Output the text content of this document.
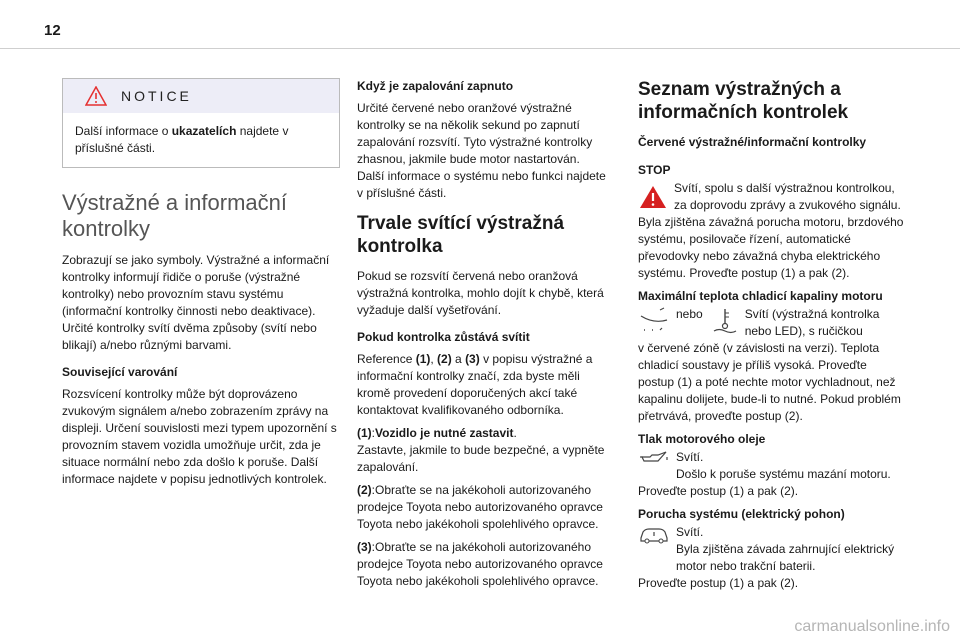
12
NOTICE
Další informace o ukazatelích najdete v příslušné části.
Výstražné a informační kontrolky

Zobrazují se jako symboly. Výstražné a informační kontrolky informují řidiče o poruše (výstražné kontrolky) nebo provozním stavu systému (informační kontrolky činnosti nebo deaktivace). Určité kontrolky svítí dvěma způsoby (svítí nebo blikají) a/nebo různými barvami.

Související varování

Rozsvícení kontrolky může být doprovázeno zvukovým signálem a/nebo zobrazením zprávy na displeji. Určení souvislosti mezi typem upozornění s provozním stavem vozidla umožňuje určit, zda je situace normální nebo zda došlo k poruše. Další informace najdete v popisu jednotlivých kontrolek.

Když je zapalování zapnuto

Určité červené nebo oranžové výstražné kontrolky se na několik sekund po zapnutí zapalování rozsvítí. Tyto výstražné kontrolky zhasnou, jakmile bude motor nastartován. Další informace o systému nebo funkci najdete v příslušné části.

Trvale svítící výstražná kontrolka

Pokud se rozsvítí červená nebo oranžová výstražná kontrolka, mohlo dojít k chybě, která vyžaduje další vyšetřování.

Pokud kontrolka zůstává svítit

Reference (1), (2) a (3) v popisu výstražné a informační kontrolky značí, zda byste měli kromě provedení doporučených akcí také kontaktovat kvalifikovaného odborníka.

(1):Vozidlo je nutné zastavit.
Zastavte, jakmile to bude bezpečné, a vypněte zapalování.

(2):Obraťte se na jakékoholi autorizovaného prodejce Toyota nebo autorizovaného opravce Toyota nebo jakékoholi spolehlivého opravce.

(3):Obraťte se na jakékoholi autorizovaného prodejce Toyota nebo autorizovaného opravce Toyota nebo jakékoholi spolehlivého opravce.

Seznam výstražných a informačních kontrolek
Červené výstražné/informační kontrolky
STOP

Svítí, spolu s další výstražnou kontrolkou, za doprovodu zprávy a zvukového signálu. Byla zjištěna závažná porucha motoru, brzdového systému, posilovače řízení, automatické převodovky nebo závažná chyba elektrického systému. Proveďte postup (1) a pak (2).

Maximální teplota chladicí kapaliny motoru
nebo	Svítí (výstražná kontrolka nebo LED), s ručičkou

v červené zóně (v závislosti na verzi). Teplota chladicí soustavy je příliš vysoká. Proveďte postup (1) a poté nechte motor vychladnout, než kapalinu dolijete, bude-li to nutné. Pokud problém přetrvává, proveďte postup (2).

Tlak motorového oleje
Svítí.
Došlo k poruše systému mazání motoru.

Proveďte postup (1) a pak (2).

Porucha systému (elektrický pohon)
Svítí.
Byla zjištěna závada zahrnující elektrický motor nebo trakční baterii.

Proveďte postup (1) a pak (2).

carmanualsonline.info
